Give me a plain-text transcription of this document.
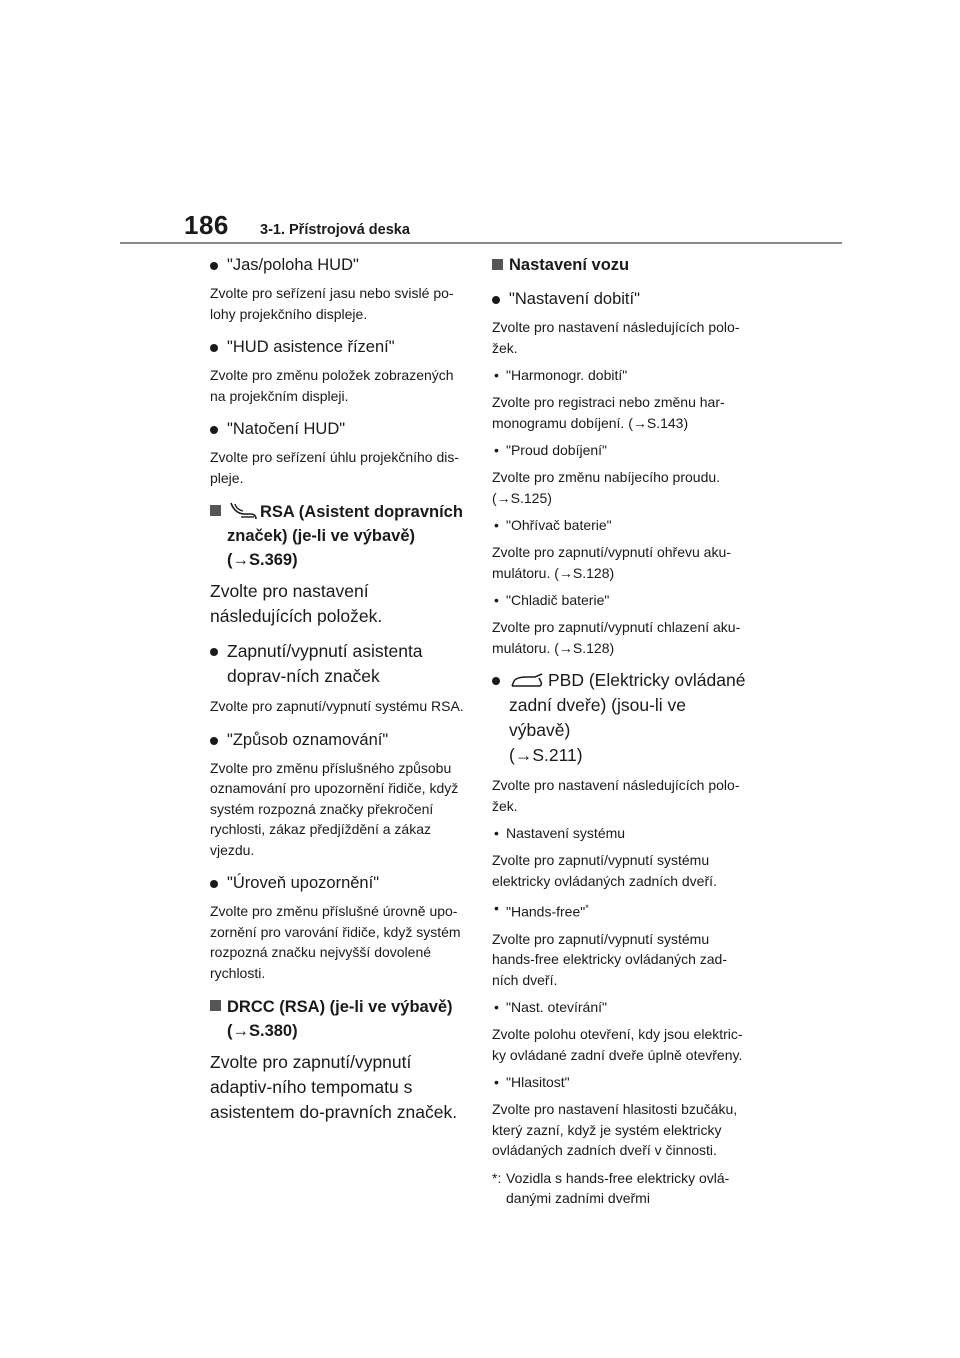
186	3-1. Přístrojová deska
"Jas/poloha HUD"
Zvolte pro seřízení jasu nebo svislé po-lohy projekčního displeje.
"HUD asistence řízení"
Zvolte pro změnu položek zobrazených na projekčním displeji.
"Natočení HUD"
Zvolte pro seřízení úhlu projekčního dis-pleje.
RSA (Asistent dopravních
značek) (je-li ve výbavě)
(→S.369)
Zvolte pro nastavení následujících položek.
Zapnutí/vypnutí asistenta doprav-ních značek
Zvolte pro zapnutí/vypnutí systému RSA.
"Způsob oznamování"
Zvolte pro změnu příslušného způsobu oznamování pro upozornění řidiče, když systém rozpozná značky překročení rychlosti, zákaz předjíždění a zákaz vjezdu.
"Úroveň upozornění"
Zvolte pro změnu příslušné úrovně upo-zornění pro varování řidiče, když systém rozpozná značku nejvyšší dovolené rychlosti.
DRCC (RSA) (je-li ve výbavě)
(→S.380)
Zvolte pro zapnutí/vypnutí adaptiv-ního tempomatu s asistentem do-pravních značek.
Nastavení vozu
"Nastavení dobití"
Zvolte pro nastavení následujících polo-žek.
• "Harmonogr. dobití"
Zvolte pro registraci nebo změnu har-monogramu dobíjení. (→S.143)
• "Proud dobíjení"
Zvolte pro změnu nabíjecího proudu. (→S.125)
• "Ohřívač baterie"
Zvolte pro zapnutí/vypnutí ohřevu aku-mulátoru. (→S.128)
• "Chladič baterie"
Zvolte pro zapnutí/vypnutí chlazení aku-mulátoru. (→S.128)
PBD (Elektricky ovládané
zadní dveře) (jsou-li ve výbavě)
(→S.211)
Zvolte pro nastavení následujících polo-žek.
• Nastavení systému
Zvolte pro zapnutí/vypnutí systému elektricky ovládaných zadních dveří.
• "Hands-free"*
Zvolte pro zapnutí/vypnutí systému hands-free elektricky ovládaných zad-ních dveří.
• "Nast. otevírání"
Zvolte polohu otevření, kdy jsou elektric-ky ovládané zadní dveře úplně otevřeny.
• "Hlasitost"
Zvolte pro nastavení hlasitosti bzučáku, který zazní, když je systém elektricky ovládaných zadních dveří v činnosti.
*: Vozidla s hands-free elektricky ovlá-danými zadními dveřmi
